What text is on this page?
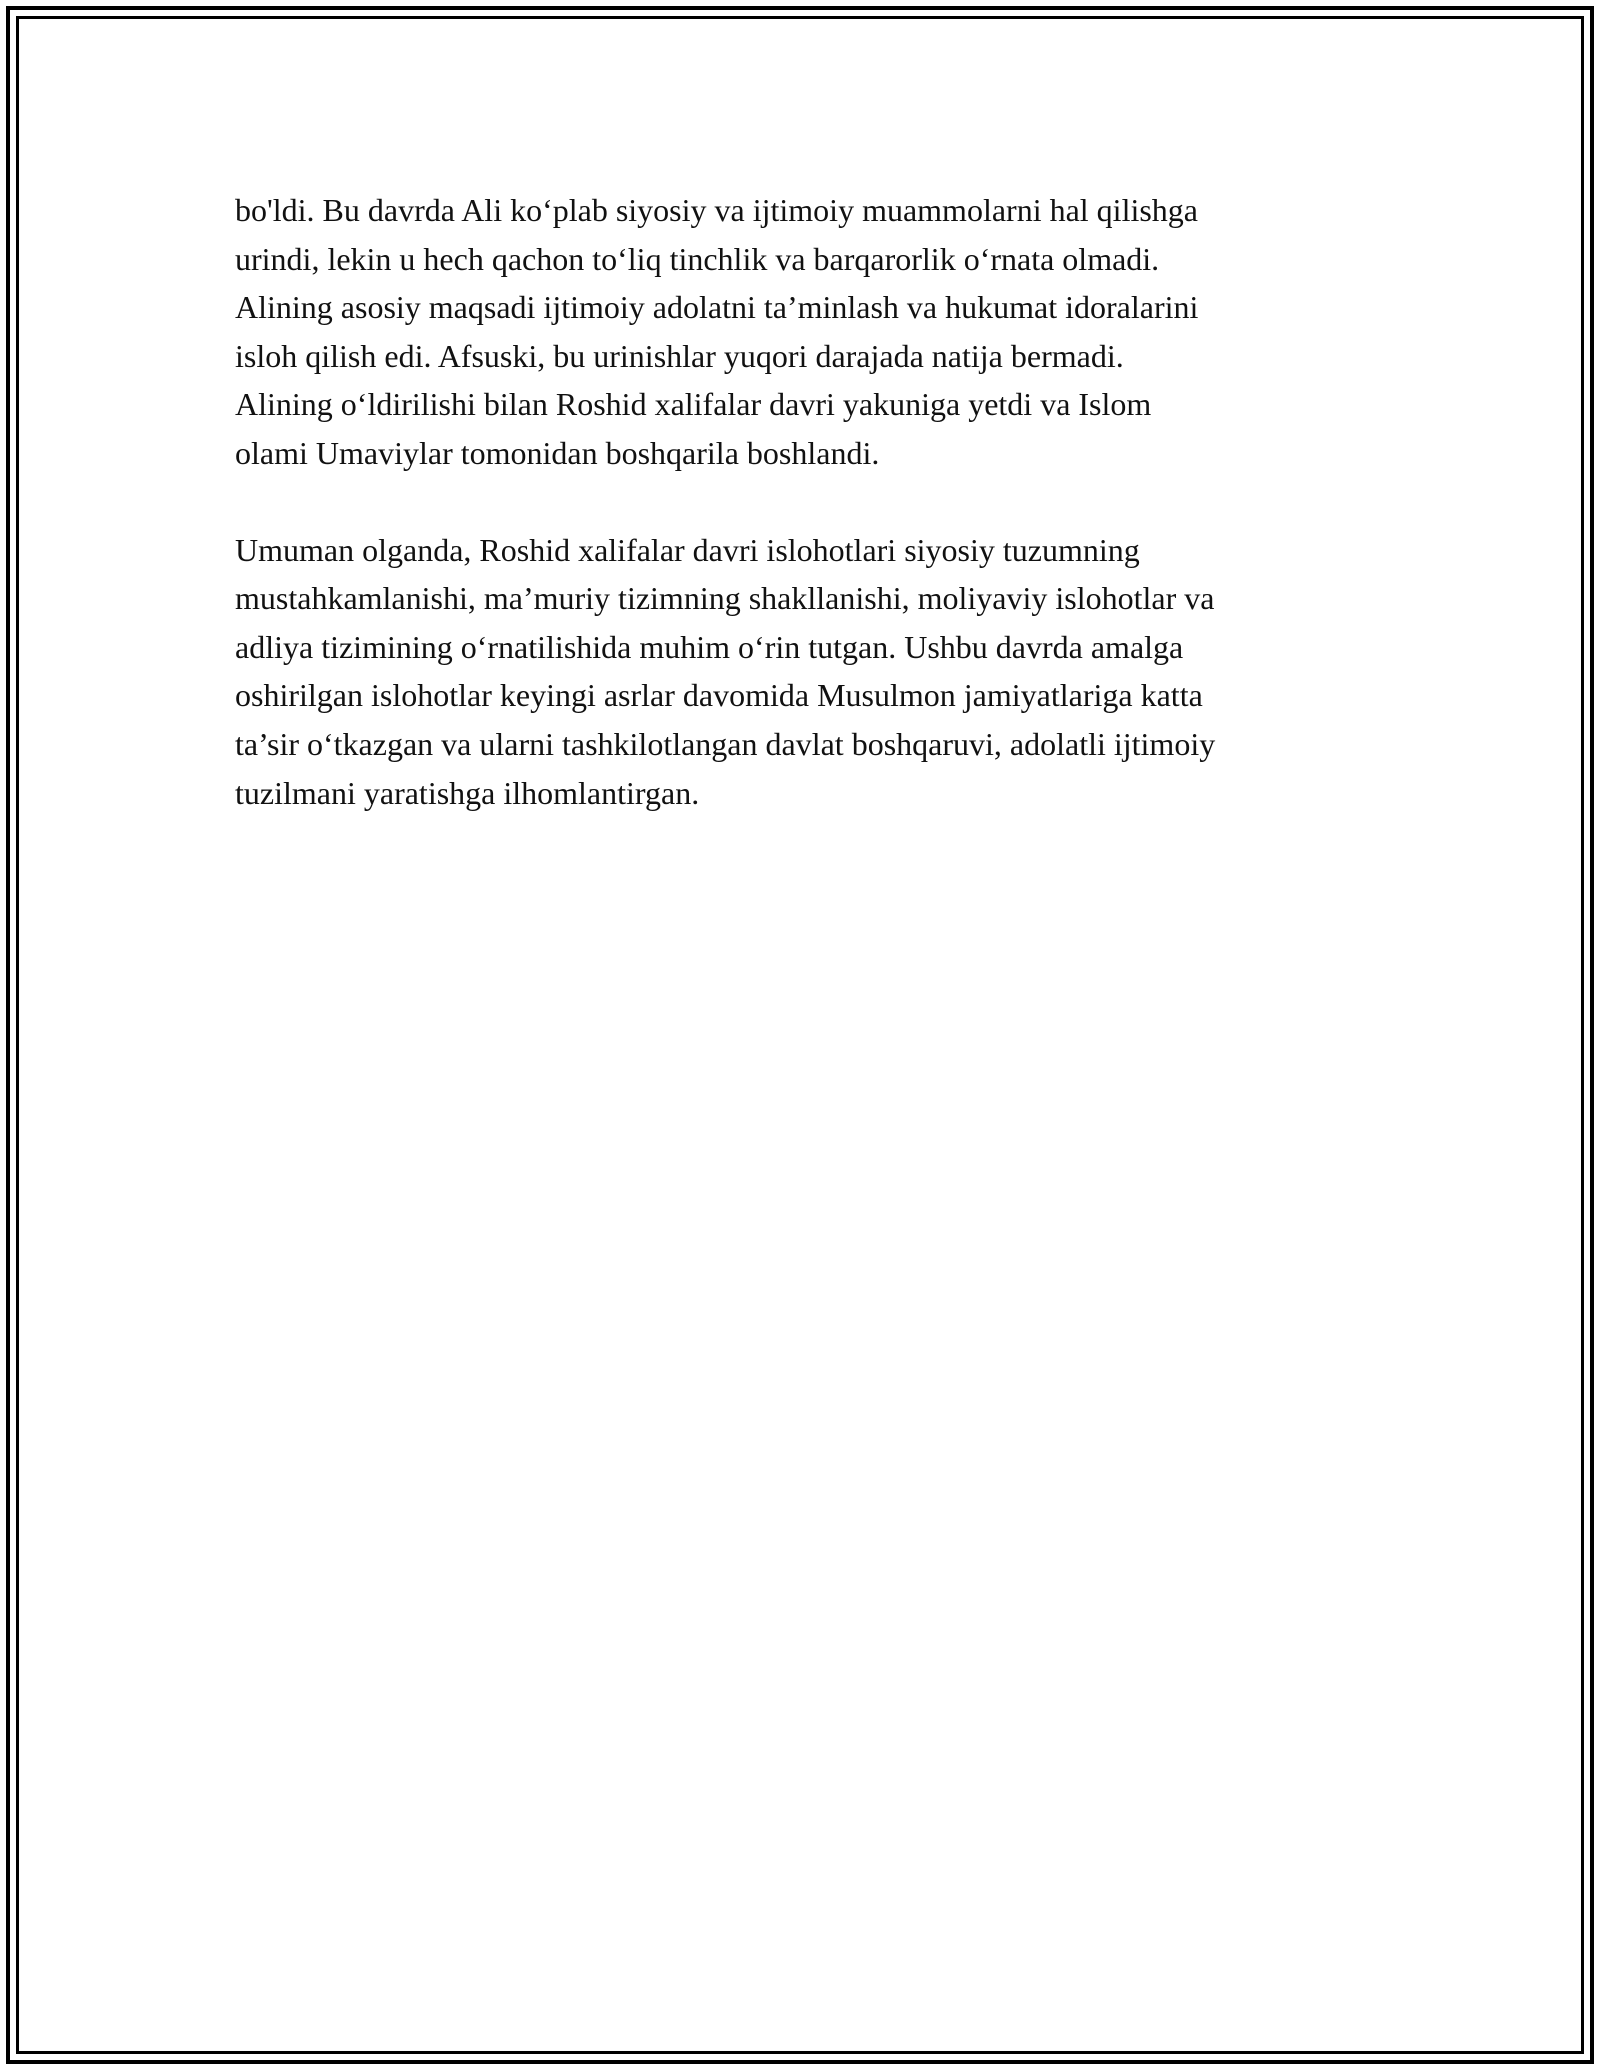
bo'ldi. Bu davrda Ali ko‘plab siyosiy va ijtimoiy muammolarni hal qilishga
urindi, lekin u hech qachon to‘liq tinchlik va barqarorlik o‘rnata olmadi.
Alining asosiy maqsadi ijtimoiy adolatni ta’minlash va hukumat idoralarini
isloh qilish edi. Afsuski, bu urinishlar yuqori darajada natija bermadi.
Alining o‘ldirilishi bilan Roshid xalifalar davri yakuniga yetdi va Islom
olami Umaviylar tomonidan boshqarila boshlandi.

Umuman olganda, Roshid xalifalar davri islohotlari siyosiy tuzumning
mustahkamlanishi, ma’muriy tizimning shakllanishi, moliyaviy islohotlar va
adliya tizimining o‘rnatilishida muhim o‘rin tutgan. Ushbu davrda amalga
oshirilgan islohotlar keyingi asrlar davomida Musulmon jamiyatlariga katta
ta’sir o‘tkazgan va ularni tashkilotlangan davlat boshqaruvi, adolatli ijtimoiy
tuzilmani yaratishga ilhomlantirgan.
